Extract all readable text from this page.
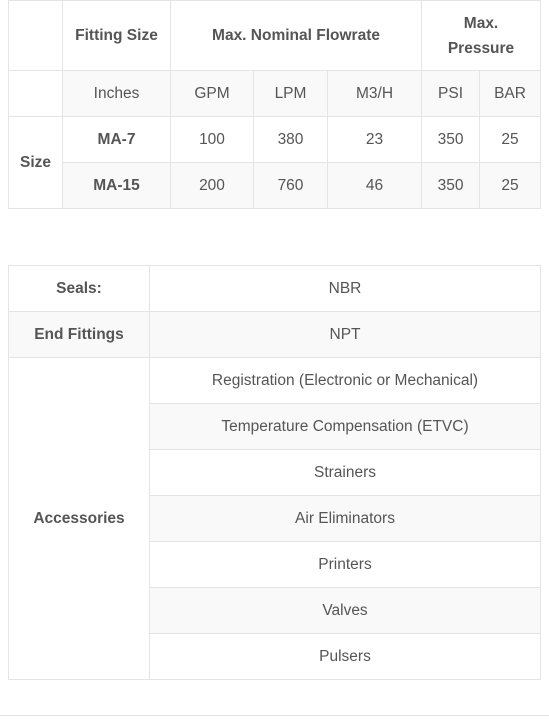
	Fitting Size	Max. Nominal Flowrate			Max. Pressure	
	Inches	GPM	LPM	M3/H	PSI	BAR
Size	MA-7	100	380	23	350	25
	MA-15	200	760	46	350	25
Seals:	NBR
End Fittings	NPT
Accessories	Registration (Electronic or Mechanical)
	Temperature Compensation (ETVC)
	Strainers
	Air Eliminators
	Printers
	Valves
	Pulsers
